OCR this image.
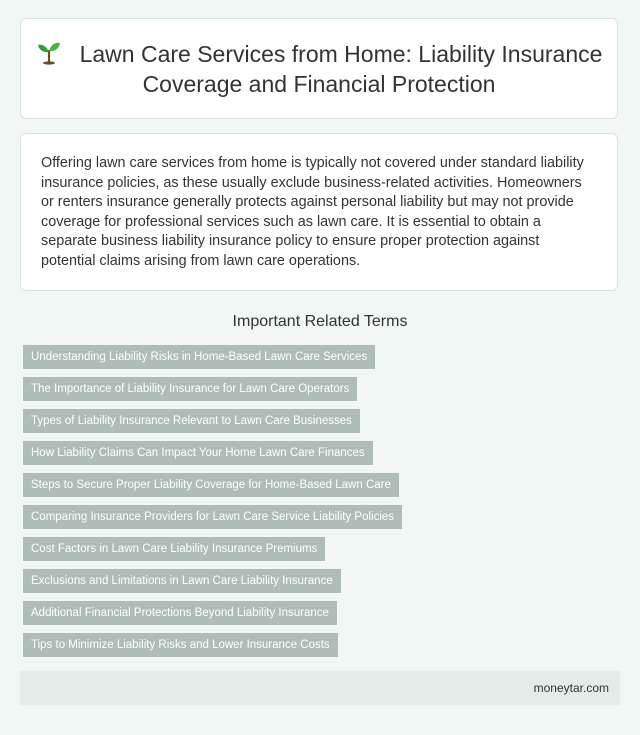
Lawn Care Services from Home: Liability Insurance Coverage and Financial Protection

Offering lawn care services from home is typically not covered under standard liability insurance policies, as these usually exclude business-related activities. Homeowners or renters insurance generally protects against personal liability but may not provide coverage for professional services such as lawn care. It is essential to obtain a separate business liability insurance policy to ensure proper protection against potential claims arising from lawn care operations.

Important Related Terms
Understanding Liability Risks in Home-Based Lawn Care Services
The Importance of Liability Insurance for Lawn Care Operators
Types of Liability Insurance Relevant to Lawn Care Businesses
How Liability Claims Can Impact Your Home Lawn Care Finances
Steps to Secure Proper Liability Coverage for Home-Based Lawn Care
Comparing Insurance Providers for Lawn Care Service Liability Policies
Cost Factors in Lawn Care Liability Insurance Premiums
Exclusions and Limitations in Lawn Care Liability Insurance
Additional Financial Protections Beyond Liability Insurance
Tips to Minimize Liability Risks and Lower Insurance Costs
moneytar.com
